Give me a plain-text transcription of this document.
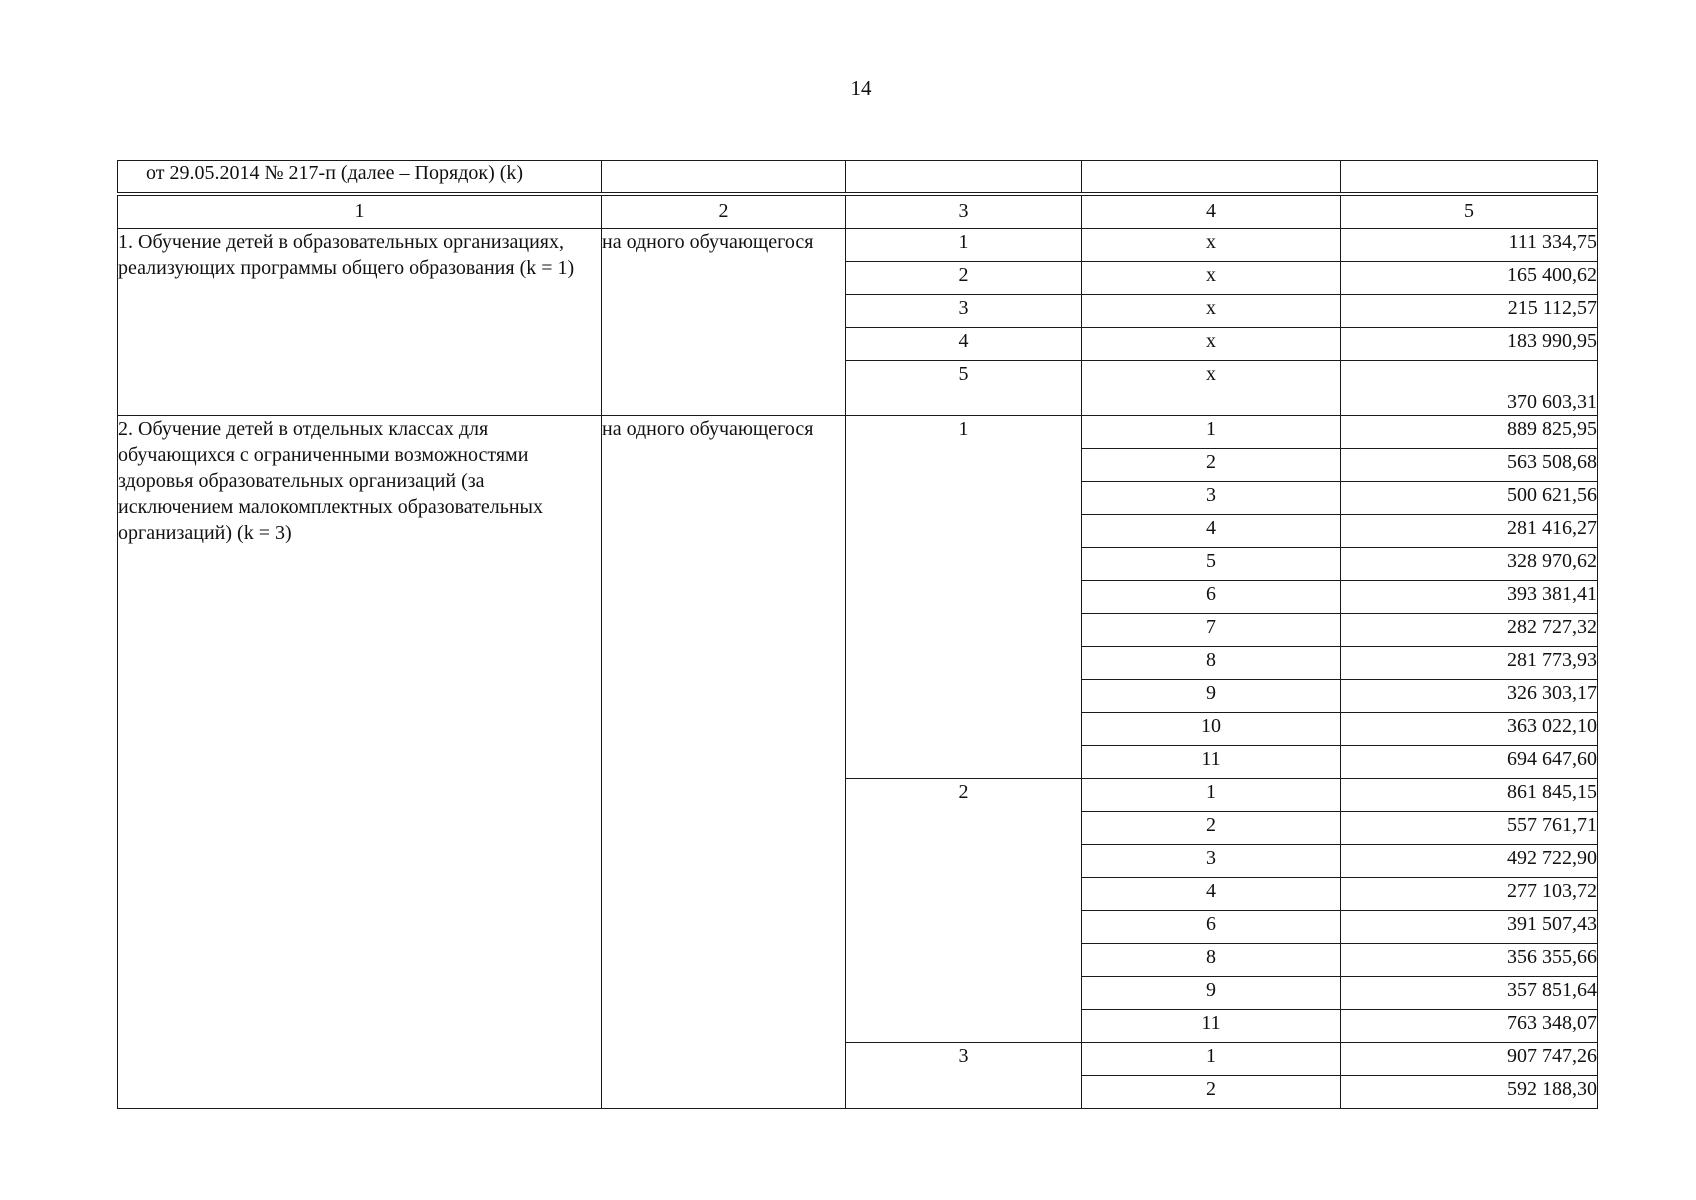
14
от 29.05.2014 № 217-п (далее – Порядок) (k)

1	2	3	4	5
1. Обучение детей в образовательных организациях, реализующих программы общего образования (k = 1)	на одного обучающегося	1	х	111 334,75
		2	х	165 400,62
		3	х	215 112,57
		4	х	183 990,95
		5	х	370 603,31
2. Обучение детей в отдельных классах для обучающихся с ограниченными возможностями здоровья образовательных организаций (за исключением малокомплектных образовательных организаций) (k = 3)	на одного обучающегося	1	1	889 825,95
			2	563 508,68
			3	500 621,56
			4	281 416,27
			5	328 970,62
			6	393 381,41
			7	282 727,32
			8	281 773,93
			9	326 303,17
			10	363 022,10
			11	694 647,60
		2	1	861 845,15
			2	557 761,71
			3	492 722,90
			4	277 103,72
			6	391 507,43
			8	356 355,66
			9	357 851,64
			11	763 348,07
		3	1	907 747,26
			2	592 188,30
